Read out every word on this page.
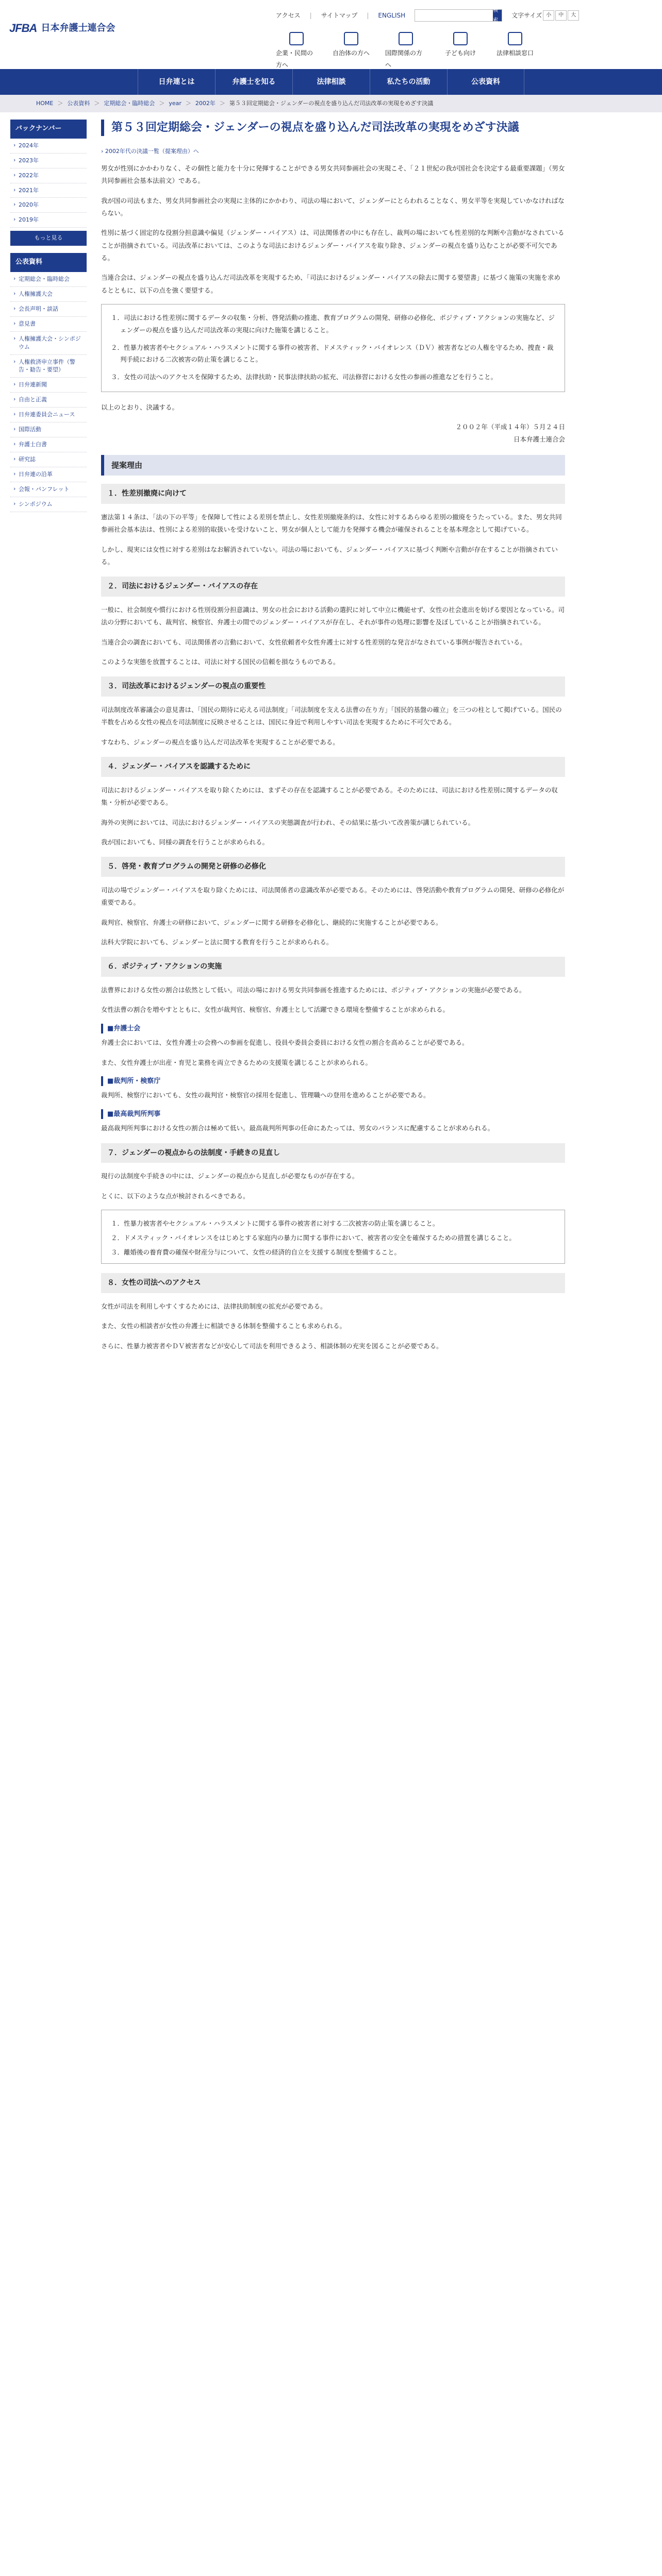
JFBA 日本弁護士連合会
アクセス | サイトマップ | ENGLISH
検索
文字サイズ 小	中	大
企業・民間の方へ
自治体の方へ	国際関係の方へ
子ども向け	法律相談窓口
日弁連とは	弁護士を知る	法律相談	私たちの活動	公表資料
HOME ＞ 公表資料 ＞ 定期総会・臨時総会 ＞ year ＞ 2002年 ＞ 第５３回定期総会・ジェンダーの視点を盛り込んだ司法改革の実現をめざす決議
バックナンバー
› 2024年
› 2023年
› 2022年
› 2021年
› 2020年
› 2019年
もっと見る
公表資料
› 定期総会・臨時総会
› 人権擁護大会
› 会長声明・談話
› 意見書
› 人権擁護大会・シンポジウム
› 人権救済申立事件（警告・勧告・要望）
› 日弁連新聞
› 自由と正義
› 日弁連委員会ニュース
› 国際活動
› 弁護士白書
› 研究誌
› 日弁連の沿革
› 会報・パンフレット
› シンポジウム
第５３回定期総会・ジェンダーの視点を盛り込んだ司法改革の実現をめざす決議
› 2002年代の決議一覧（提案理由）へ

男女が性別にかかわりなく、その個性と能力を十分に発揮することができる男女共同参画社会の実現こそ、「２１世紀の我が国社会を決定する最重要課題」（男女共同参画社会基本法前文）である。

我が国の司法もまた、男女共同参画社会の実現に主体的にかかわり、司法の場において、ジェンダーにとらわれることなく、男女平等を実現していかなければならない。

性別に基づく固定的な役割分担意識や偏見（ジェンダー・バイアス）は、司法関係者の中にも存在し、裁判の場においても性差別的な判断や言動がなされていることが指摘されている。司法改革においては、このような司法におけるジェンダー・バイアスを取り除き、ジェンダーの視点を盛り込むことが必要不可欠である。

当連合会は、ジェンダーの視点を盛り込んだ司法改革を実現するため、「司法におけるジェンダー・バイアスの除去に関する要望書」に基づく施策の実施を求めるとともに、以下の点を強く要望する。

１．司法における性差別に関するデータの収集・分析、啓発活動の推進、教育プログラムの開発、研修の必修化、ポジティブ・アクションの実施など、ジェンダーの視点を盛り込んだ司法改革の実現に向けた施策を講じること。
２．性暴力被害者やセクシュアル・ハラスメントに関する事件の被害者、ドメスティック・バイオレンス（ＤＶ）被害者などの人権を守るため、捜査・裁判手続における二次被害の防止策を講じること。
３．女性の司法へのアクセスを保障するため、法律扶助・民事法律扶助の拡充、司法修習における女性の参画の推進などを行うこと。

以上のとおり、決議する。

２００２年（平成１４年）５月２４日
日本弁護士連合会
提案理由
１．性差別撤廃に向けて

憲法第１４条は、「法の下の平等」を保障して性による差別を禁止し、女性差別撤廃条約は、女性に対するあらゆる差別の撤廃をうたっている。また、男女共同参画社会基本法は、性別による差別的取扱いを受けないこと、男女が個人として能力を発揮する機会が確保されることを基本理念として掲げている。

しかし、現実には女性に対する差別はなお解消されていない。司法の場においても、ジェンダー・バイアスに基づく判断や言動が存在することが指摘されている。

２．司法におけるジェンダー・バイアスの存在

一般に、社会制度や慣行における性別役割分担意識は、男女の社会における活動の選択に対して中立に機能せず、女性の社会進出を妨げる要因となっている。司法の分野においても、裁判官、検察官、弁護士の間でのジェンダー・バイアスが存在し、それが事件の処理に影響を及ぼしていることが指摘されている。

当連合会の調査においても、司法関係者の言動において、女性依頼者や女性弁護士に対する性差別的な発言がなされている事例が報告されている。

このような実態を放置することは、司法に対する国民の信頼を損なうものである。

３．司法改革におけるジェンダーの視点の重要性

司法制度改革審議会の意見書は、「国民の期待に応える司法制度」「司法制度を支える法曹の在り方」「国民的基盤の確立」を三つの柱として掲げている。国民の半数を占める女性の視点を司法制度に反映させることは、国民に身近で利用しやすい司法を実現するために不可欠である。

すなわち、ジェンダーの視点を盛り込んだ司法改革を実現することが必要である。

４．ジェンダー・バイアスを認識するために

司法におけるジェンダー・バイアスを取り除くためには、まずその存在を認識することが必要である。そのためには、司法における性差別に関するデータの収集・分析が必要である。

海外の実例においては、司法におけるジェンダー・バイアスの実態調査が行われ、その結果に基づいて改善策が講じられている。

我が国においても、同様の調査を行うことが求められる。

５．啓発・教育プログラムの開発と研修の必修化

司法の場でジェンダー・バイアスを取り除くためには、司法関係者の意識改革が必要である。そのためには、啓発活動や教育プログラムの開発、研修の必修化が重要である。

裁判官、検察官、弁護士の研修において、ジェンダーに関する研修を必修化し、継続的に実施することが必要である。

法科大学院においても、ジェンダーと法に関する教育を行うことが求められる。

６．ポジティブ・アクションの実施

法曹界における女性の割合は依然として低い。司法の場における男女共同参画を推進するためには、ポジティブ・アクションの実施が必要である。

女性法曹の割合を増やすとともに、女性が裁判官、検察官、弁護士として活躍できる環境を整備することが求められる。

■弁護士会

弁護士会においては、女性弁護士の会務への参画を促進し、役員や委員会委員における女性の割合を高めることが必要である。

また、女性弁護士が出産・育児と業務を両立できるための支援策を講じることが求められる。

■裁判所・検察庁

裁判所、検察庁においても、女性の裁判官・検察官の採用を促進し、管理職への登用を進めることが必要である。

■最高裁判所判事

最高裁判所判事における女性の割合は極めて低い。最高裁判所判事の任命にあたっては、男女のバランスに配慮することが求められる。

７．ジェンダーの視点からの法制度・手続きの見直し

現行の法制度や手続きの中には、ジェンダーの視点から見直しが必要なものが存在する。

とくに、以下のような点が検討されるべきである。

１．性暴力被害者やセクシュアル・ハラスメントに関する事件の被害者に対する二次被害の防止策を講じること。
２．ドメスティック・バイオレンスをはじめとする家庭内の暴力に関する事件において、被害者の安全を確保するための措置を講じること。
３．離婚後の養育費の確保や財産分与について、女性の経済的自立を支援する制度を整備すること。
８．女性の司法へのアクセス

女性が司法を利用しやすくするためには、法律扶助制度の拡充が必要である。

また、女性の相談者が女性の弁護士に相談できる体制を整備することも求められる。

さらに、性暴力被害者やＤＶ被害者などが安心して司法を利用できるよう、相談体制の充実を図ることが必要である。
